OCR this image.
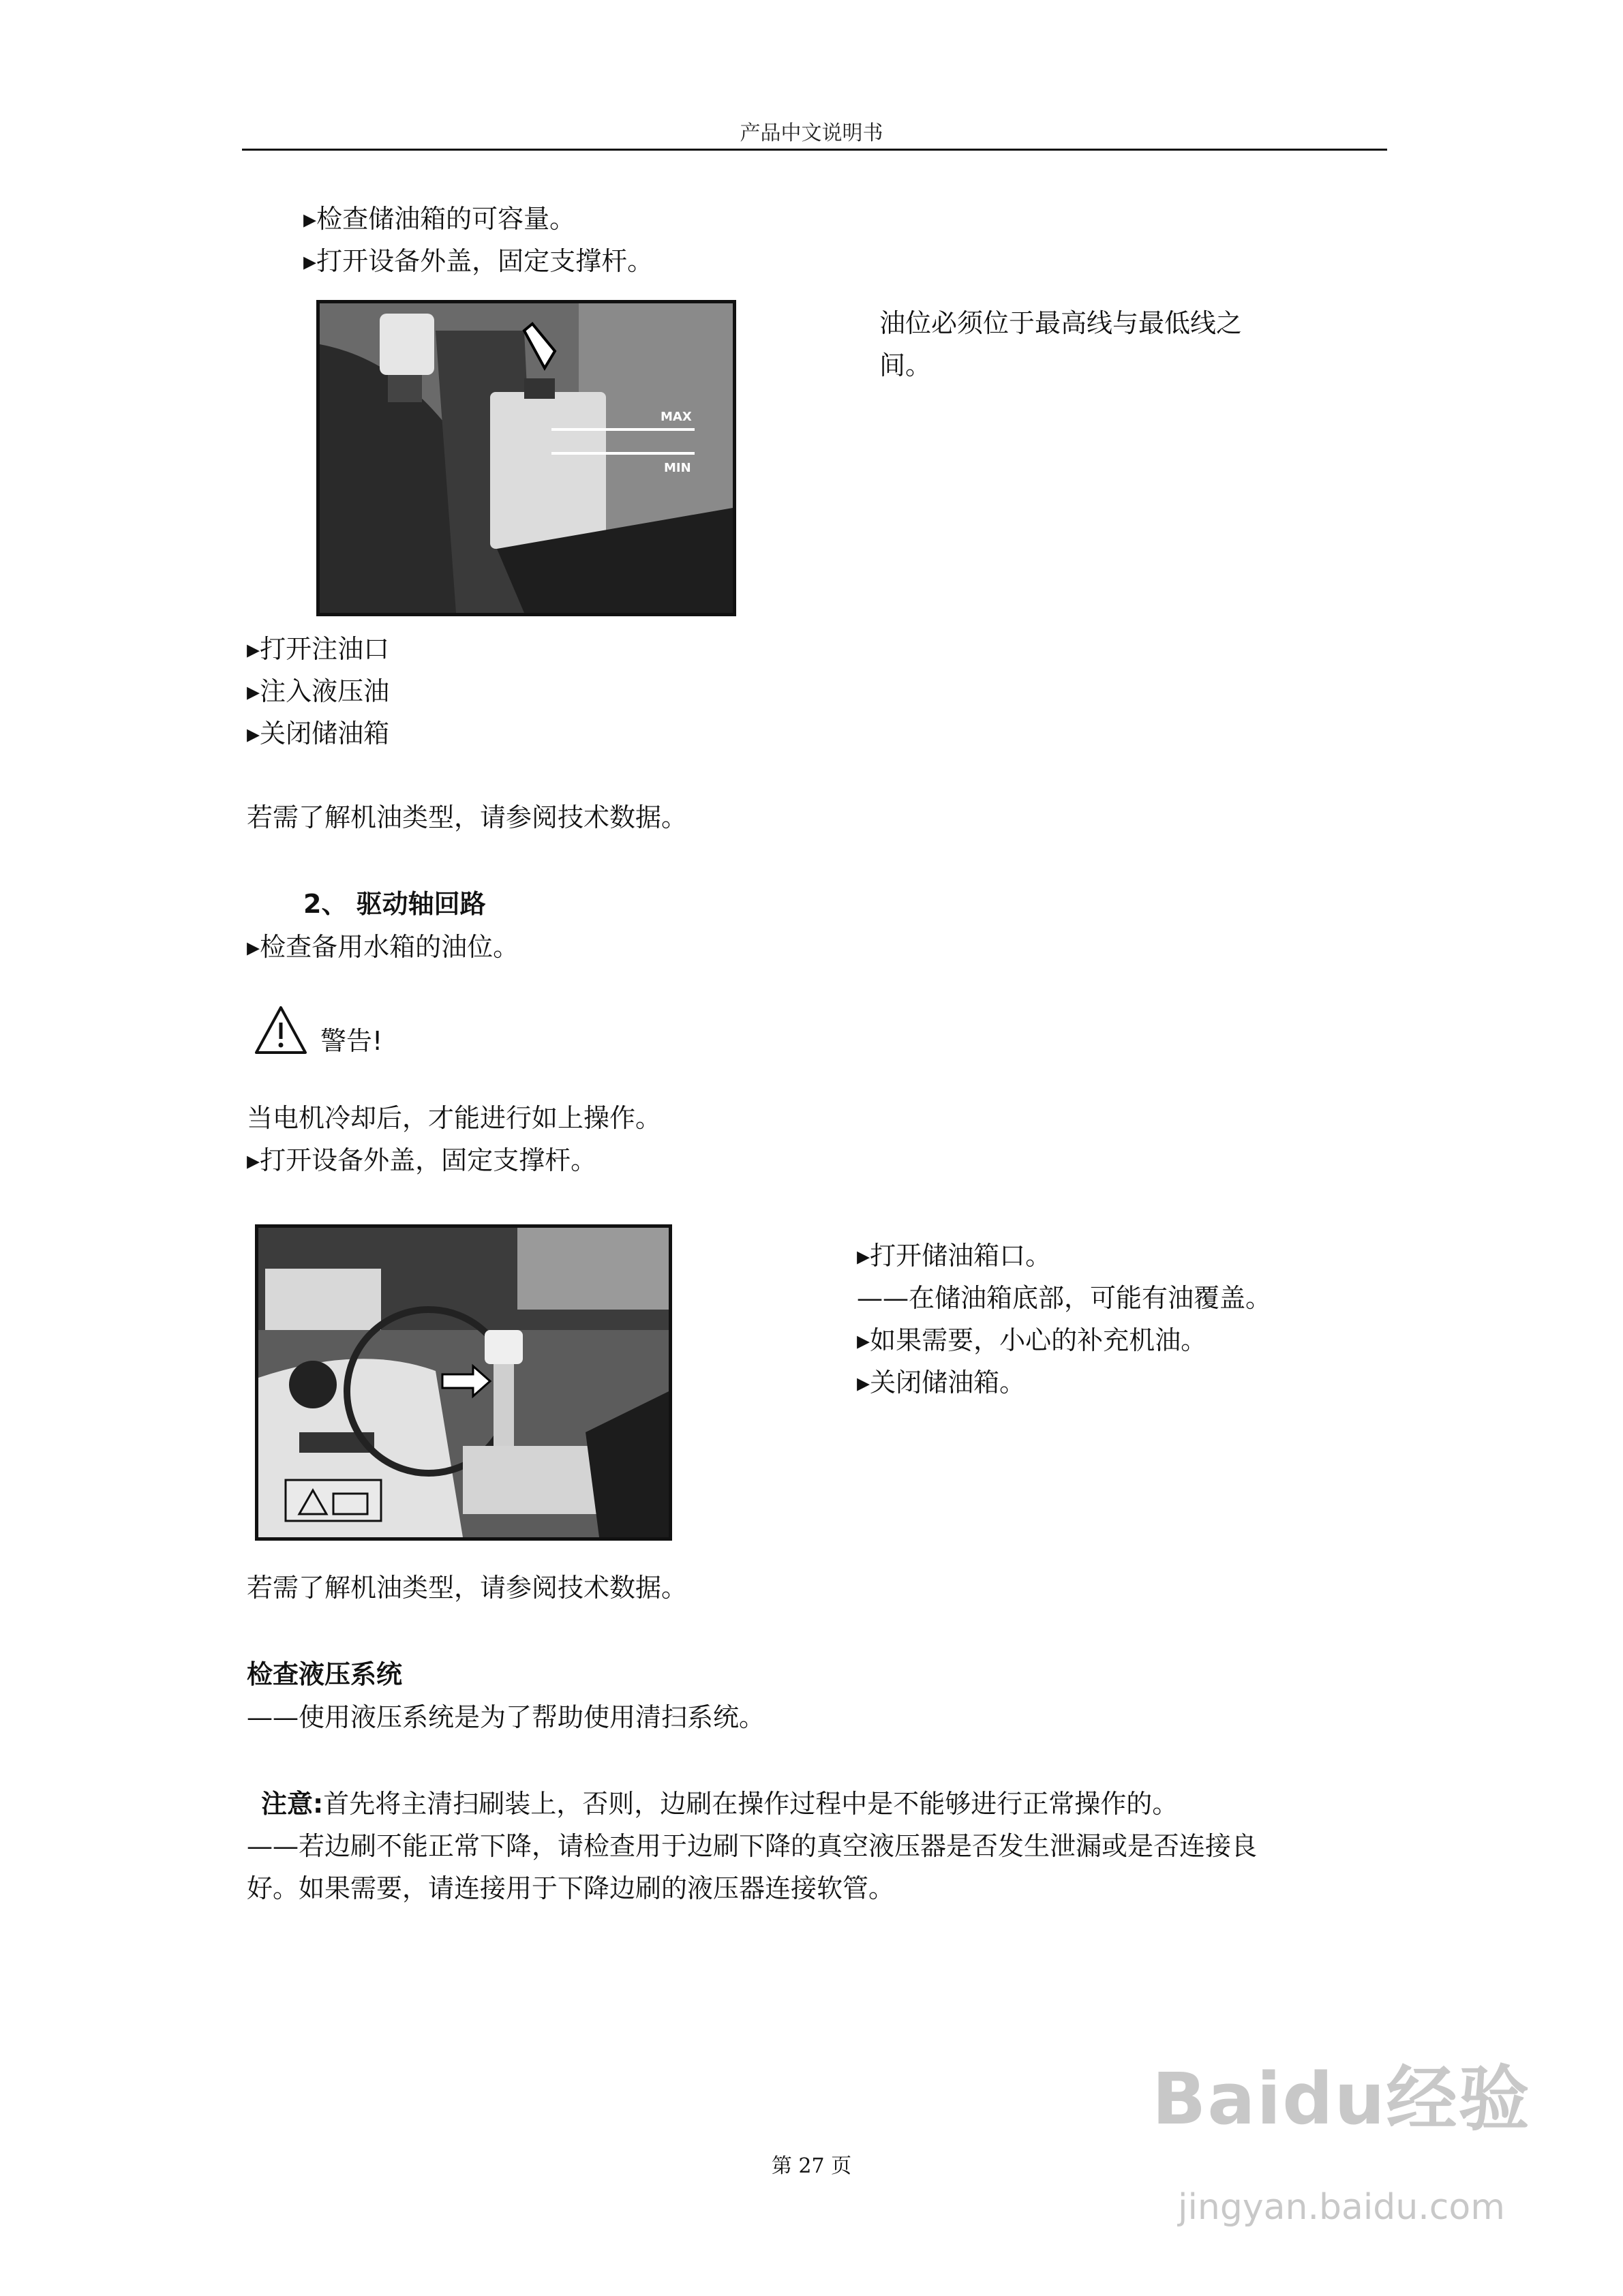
产品中文说明书
▸检查储油箱的可容量。
▸打开设备外盖，固定支撑杆。
MAX
MIN
油位必须位于最高线与最低线之
间。
▸打开注油口
▸注入液压油
▸关闭储油箱
若需了解机油类型，请参阅技术数据。
2、 驱动轴回路
▸检查备用水箱的油位。
警告!
当电机冷却后，才能进行如上操作。
▸打开设备外盖，固定支撑杆。
▸打开储油箱口。
——在储油箱底部，可能有油覆盖。
▸如果需要，小心的补充机油。
▸关闭储油箱。
若需了解机油类型，请参阅技术数据。
检查液压系统
——使用液压系统是为了帮助使用清扫系统。
注意:首先将主清扫刷装上，否则，边刷在操作过程中是不能够进行正常操作的。
——若边刷不能正常下降，请检查用于边刷下降的真空液压器是否发生泄漏或是否连接良
好。如果需要，请连接用于下降边刷的液压器连接软管。
第 27 页
Baidu经验
jingyan.baidu.com
